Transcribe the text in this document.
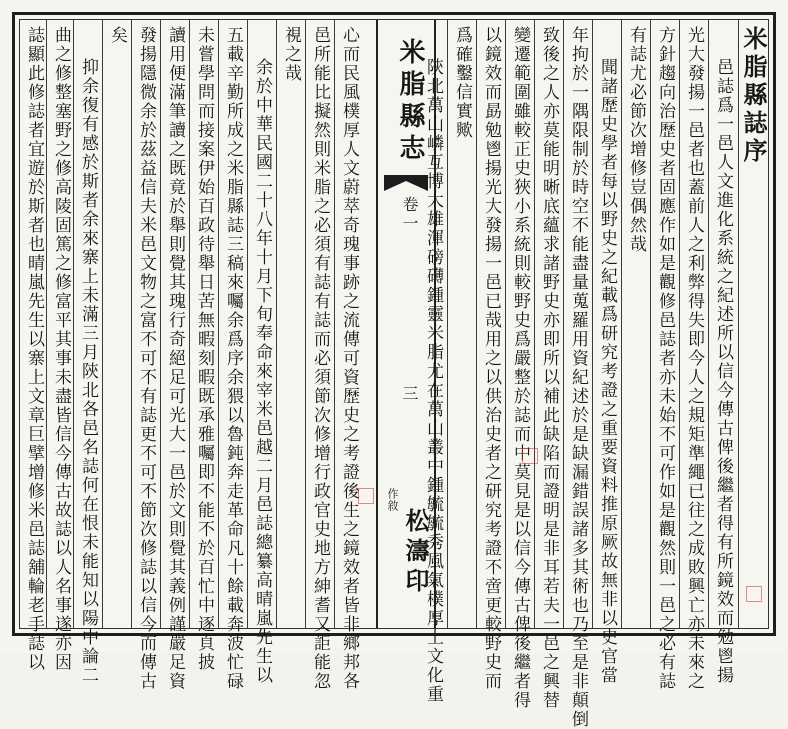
心而民風樸厚人文蔚萃奇瑰事跡之流傳可資歷史之考證後生之鏡效者皆非鄉邦各
邑所能比擬然則米脂之必須有誌有誌而必須節次修增行政官史地方紳耆又詎能忽
視之哉
余於中華民國二十八年十月下旬奉命來宰米邑越二月邑誌總纂高晴嵐先生以
五載辛勤所成之米脂縣誌三稿來囑余爲序余猥以魯鈍奔走革命凡十餘載奔波忙碌
未嘗學問而接案伊始百政待舉日苦無暇刻暇既承雅囑即不能不於百忙中逐頁披
讀用便滿筆讀之既竟於舉則覺其瑰行奇絕足可光大一邑於文則覺其義例謹嚴足資
發揚隱微余於茲益信夫米邑文物之富不可不有誌更不可不節次修誌以信今而傳古
矣
抑余復有感於斯者余來寨上未滿三月陝北各邑名誌何在恨未能知以陽中論二
曲之修整塞野之修高陵固篤之修富平其事未盡皆信今傳古故誌以人名事遂亦因
誌顯此修誌者宜遊於斯者也晴嵐先生以寨上文章巨擘增修米邑誌舖輪老手誌以	米脂縣志
卷一
三
作敘
松濤印
米脂縣誌序
邑誌爲一邑人文進化系統之紀述所以信今傳古俾後繼者得有所鏡效而勉鬯揚
光大發揚一邑者也蓋前人之利弊得失即今人之規矩準繩已往之成敗興亡亦未來之
方針趨向治歷史者固應作如是觀修邑誌者亦未始不可作如是觀然則一邑之必有誌
有誌尤必節次增修豈偶然哉
聞諸歷史學者每以野史之紀載爲研究考證之重要資料推原厥故無非以史官當
年拘於一隅限制於時空不能盡量蒐羅用資紀述於是缺漏錯誤諸多其術也乃至是非顛倒
致後之人亦莫能明晰底蘊求諸野史亦即所以補此缺陷而證明是非耳若夫一邑之興替
變遷範圍雖較正史狹小系統則較野史爲嚴整於誌而中莫見是以信今傳古俾後繼者得
以鏡效而勗勉鬯揚光大發揚一邑已哉用之以供治史者之研究考證不啻更較野史而
爲確鑿信實歟
陝北萬山嶙互博大雄渾磅礴鍾靈米脂尤在萬山叢中鍾毓毓秀風氣樸厚上文化重
